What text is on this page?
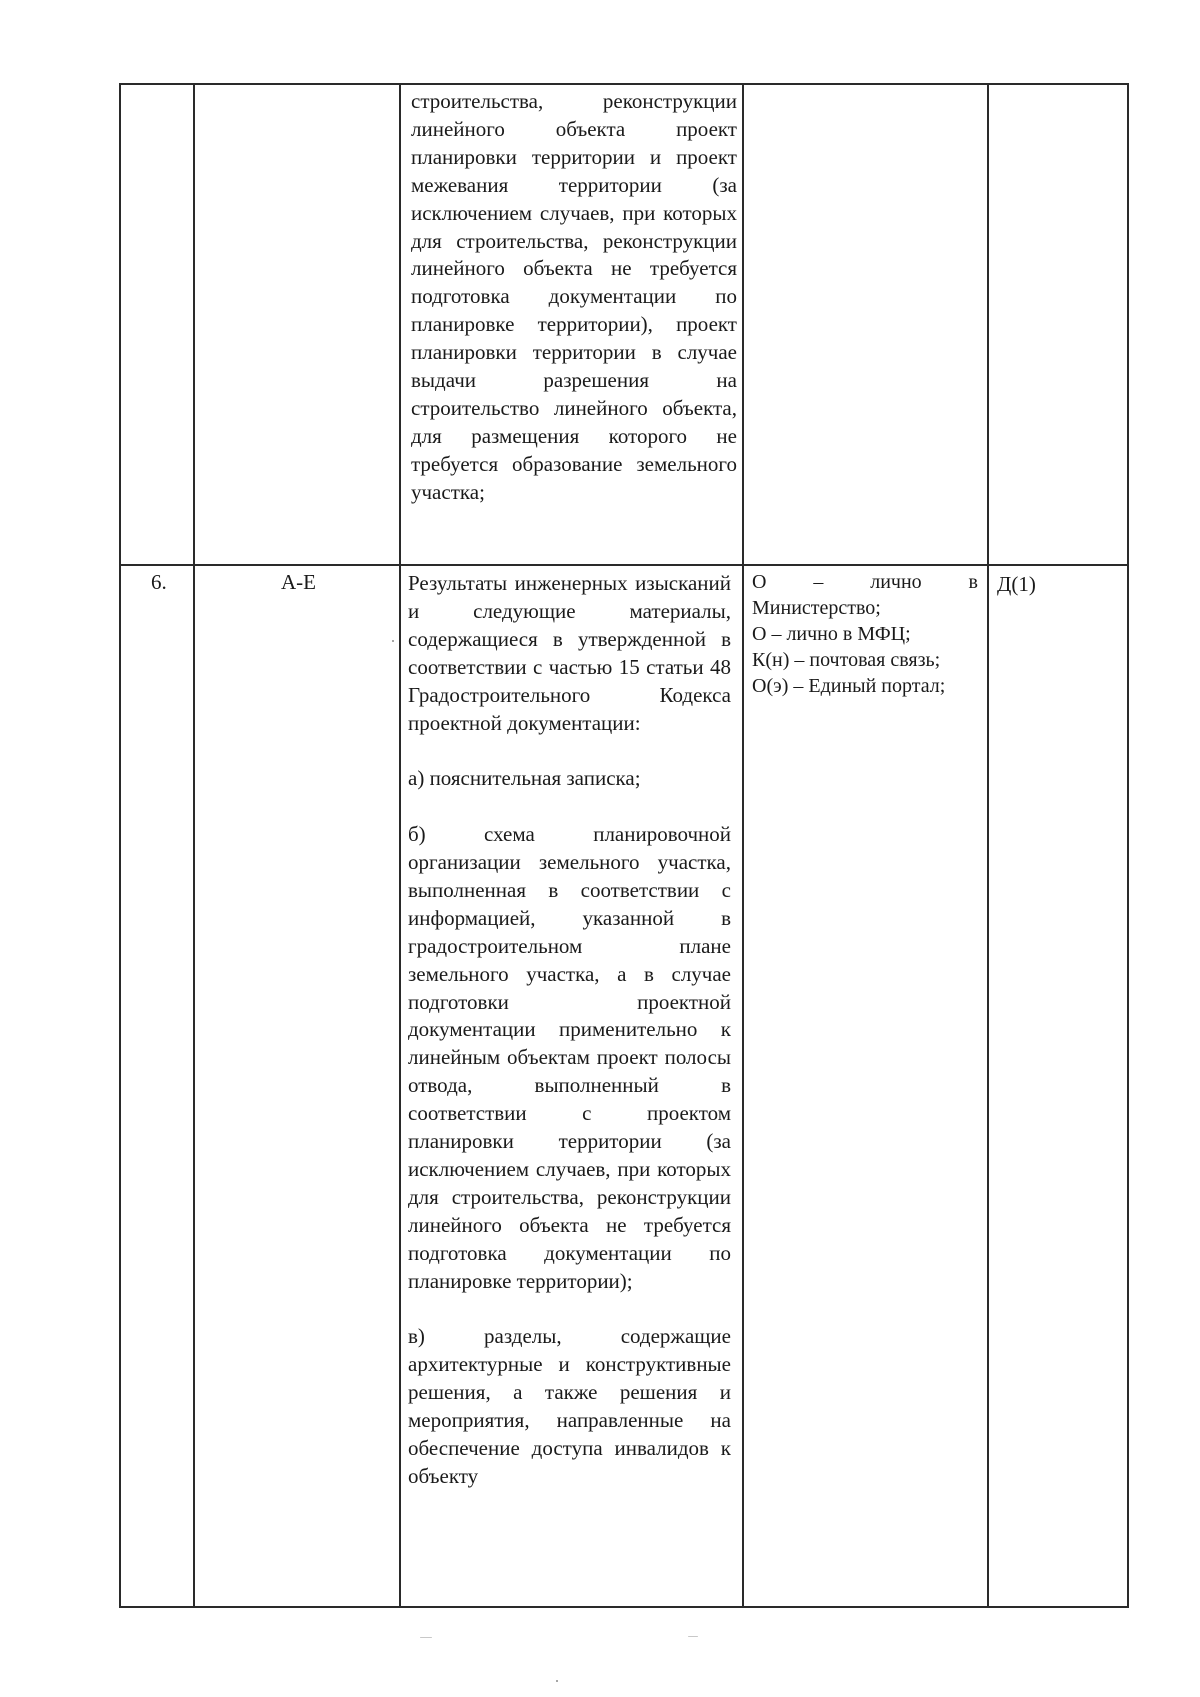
строительства, реконструкции линейного объекта проект планировки территории и проект межевания территории (за исключением случаев, при которых для строительства, реконструкции линейного объекта не требуется подготовка документации по планировке территории), проект планировки территории в случае выдачи разрешения на строительство линейного объекта, для размещения которого не требуется образование земельного участка;

6.	А-Е	Результаты инженерных изысканий и следующие материалы, содержащиеся в утвержденной в соответствии с частью 15 статьи 48 Градостроительного Кодекса проектной документации:

а) пояснительная записка;

б) схема планировочной организации земельного участка, выполненная в соответствии с информацией, указанной в градостроительном плане земельного участка, а в случае подготовки проектной документации применительно к линейным объектам проект полосы отвода, выполненный в соответствии с проектом планировки территории (за исключением случаев, при которых для строительства, реконструкции линейного объекта не требуется подготовка документации по планировке территории);

в) разделы, содержащие архитектурные и конструктивные решения, а также решения и мероприятия, направленные на обеспечение доступа инвалидов к объекту

О – лично в Министерство;
О – лично в МФЦ;
К(н) – почтовая связь;
О(э) – Единый портал;
Д(1)
